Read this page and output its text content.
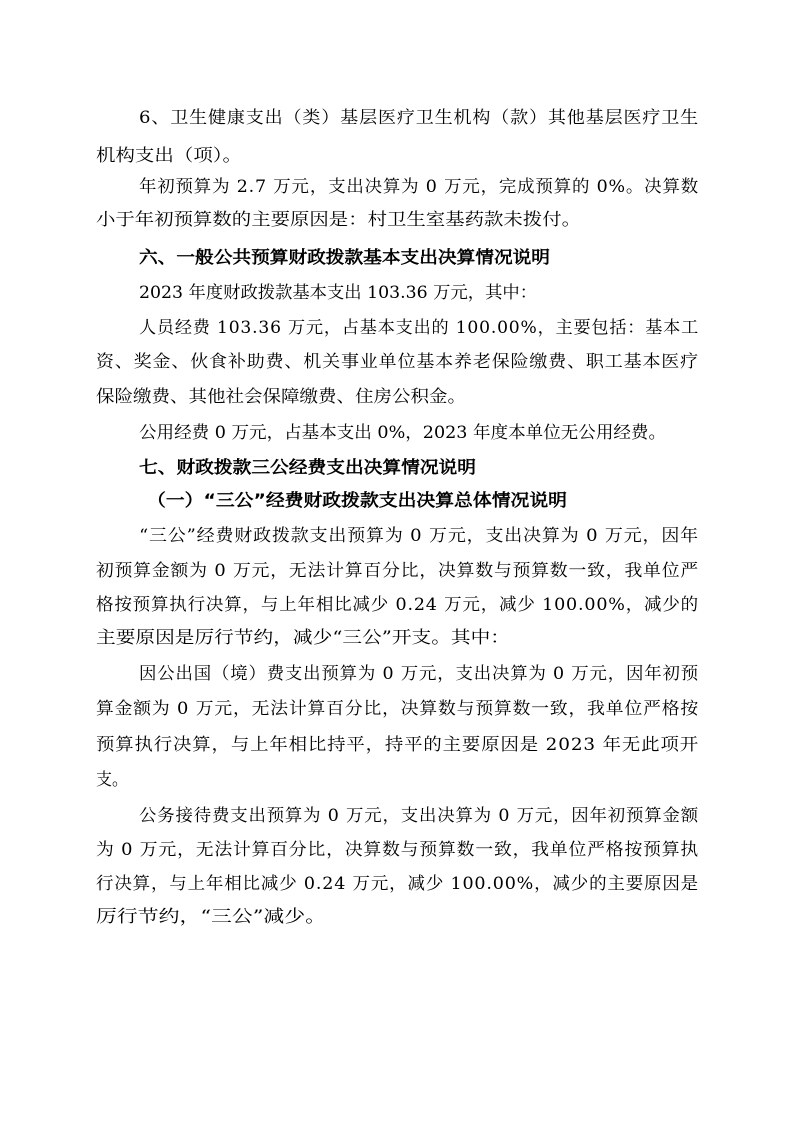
6、卫生健康支出（类）基层医疗卫生机构（款）其他基层医疗卫生
机构支出（项）。
年初预算为 2.7 万元，支出决算为 0 万元，完成预算的 0%。决算数
小于年初预算数的主要原因是：村卫生室基药款未拨付。
六、一般公共预算财政拨款基本支出决算情况说明
2023 年度财政拨款基本支出 103.36 万元，其中：
人员经费 103.36 万元，占基本支出的 100.00%，主要包括：基本工
资、奖金、伙食补助费、机关事业单位基本养老保险缴费、职工基本医疗
保险缴费、其他社会保障缴费、住房公积金。
公用经费 0 万元，占基本支出 0%，2023 年度本单位无公用经费。
七、财政拨款三公经费支出决算情况说明
（一）“三公”经费财政拨款支出决算总体情况说明
“三公”经费财政拨款支出预算为 0 万元，支出决算为 0 万元，因年
初预算金额为 0 万元，无法计算百分比，决算数与预算数一致，我单位严
格按预算执行决算，与上年相比减少 0.24 万元，减少 100.00%，减少的
主要原因是厉行节约，减少“三公”开支。其中：
因公出国（境）费支出预算为 0 万元，支出决算为 0 万元，因年初预
算金额为 0 万元，无法计算百分比，决算数与预算数一致，我单位严格按
预算执行决算，与上年相比持平，持平的主要原因是 2023 年无此项开
支。
公务接待费支出预算为 0 万元，支出决算为 0 万元，因年初预算金额
为 0 万元，无法计算百分比，决算数与预算数一致，我单位严格按预算执
行决算，与上年相比减少 0.24 万元，减少 100.00%，减少的主要原因是
厉行节约，“三公”减少。
